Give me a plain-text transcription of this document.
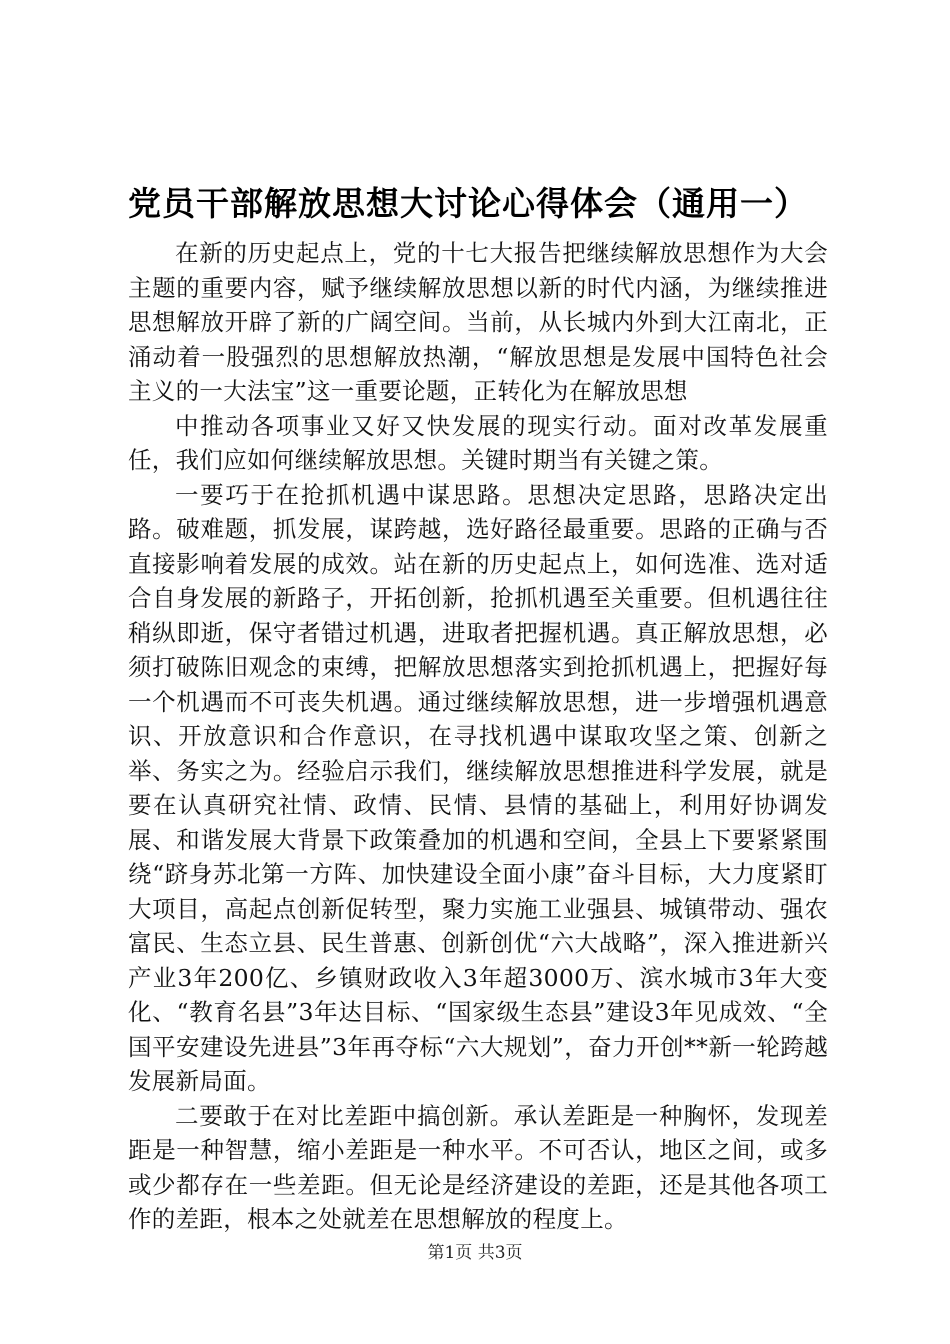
党员干部解放思想大讨论心得体会（通用一）

在新的历史起点上，党的十七大报告把继续解放思想作为大会主题的重要内容，赋予继续解放思想以新的时代内涵，为继续推进思想解放开辟了新的广阔空间。当前，从长城内外到大江南北，正涌动着一股强烈的思想解放热潮，“解放思想是发展中国特色社会主义的一大法宝”这一重要论题，正转化为在解放思想

中推动各项事业又好又快发展的现实行动。面对改革发展重任，我们应如何继续解放思想。关键时期当有关键之策。

一要巧于在抢抓机遇中谋思路。思想决定思路，思路决定出路。破难题，抓发展，谋跨越，选好路径最重要。思路的正确与否直接影响着发展的成效。站在新的历史起点上，如何选准、选对适合自身发展的新路子，开拓创新，抢抓机遇至关重要。但机遇往往稍纵即逝，保守者错过机遇，进取者把握机遇。真正解放思想，必须打破陈旧观念的束缚，把解放思想落实到抢抓机遇上，把握好每一个机遇而不可丧失机遇。通过继续解放思想，进一步增强机遇意识、开放意识和合作意识，在寻找机遇中谋取攻坚之策、创新之举、务实之为。经验启示我们，继续解放思想推进科学发展，就是要在认真研究社情、政情、民情、县情的基础上，利用好协调发展、和谐发展大背景下政策叠加的机遇和空间，全县上下要紧紧围绕“跻身苏北第一方阵、加快建设全面小康”奋斗目标，大力度紧盯大项目，高起点创新促转型，聚力实施工业强县、城镇带动、强农富民、生态立县、民生普惠、创新创优“六大战略”，深入推进新兴产业3年200亿、乡镇财政收入3年超3000万、滨水城市3年大变化、“教育名县”3年达目标、“国家级生态县”建设3年见成效、“全国平安建设先进县”3年再夺标“六大规划”，奋力开创**新一轮跨越发展新局面。

二要敢于在对比差距中搞创新。承认差距是一种胸怀，发现差距是一种智慧，缩小差距是一种水平。不可否认，地区之间，或多或少都存在一些差距。但无论是经济建设的差距，还是其他各项工作的差距，根本之处就差在思想解放的程度上。

第1页 共3页
